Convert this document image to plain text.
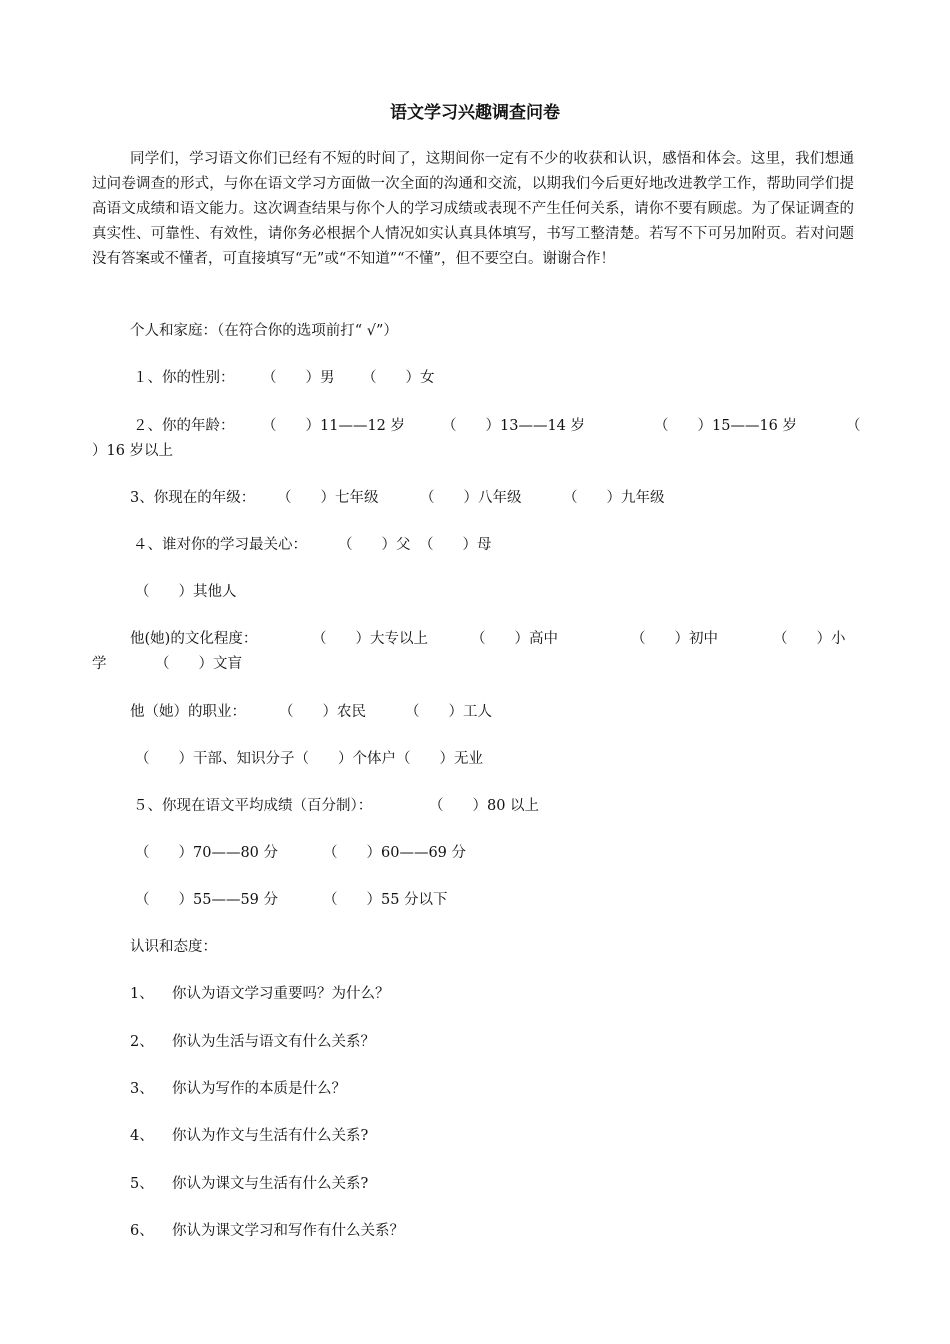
语文学习兴趣调查问卷
同学们，学习语文你们已经有不短的时间了，这期间你一定有不少的收获和认识，感悟和体会。这里，我们想通过问卷调查的形式，与你在语文学习方面做一次全面的沟通和交流，以期我们今后更好地改进教学工作，帮助同学们提高语文成绩和语文能力。这次调查结果与你个人的学习成绩或表现不产生任何关系，请你不要有顾虑。为了保证调查的真实性、可靠性、有效性，请你务必根据个人情况如实认真具体填写，书写工整清楚。若写不下可另加附页。若对问题没有答案或不懂者，可直接填写“无”或“不知道”“不懂”，但不要空白。谢谢合作！
个人和家庭：（在符合你的选项前打“ √”）
１、你的性别： （　　）男 （　　）女
２、你的年龄： （　　）11——12 岁	（　　）13——14 岁	（　　）15——16 岁	（
）16 岁以上
3、你现在的年级： （　　）七年级	（　　）八年级	（　　）九年级
４、谁对你的学习最关心： （　　）父 （　　）母
（　　）其他人
他(她)的文化程度：	（　　）大专以上	（　　）高中	（　　）初中	（　　）小
学	（　　）文盲
他（她）的职业： （　　）农民	（　　）工人
（　　）干部、知识分子（　　）个体户（　　）无业
５、你现在语文平均成绩（百分制）：	（　　）80 以上
（　　）70——80 分	（　　）60——69 分
（　　）55——59 分	（　　）55 分以下
认识和态度：
1、 你认为语文学习重要吗？为什么？
2、 你认为生活与语文有什么关系？
3、 你认为写作的本质是什么？
4、 你认为作文与生活有什么关系?
5、 你认为课文与生活有什么关系?
6、 你认为课文学习和写作有什么关系？
